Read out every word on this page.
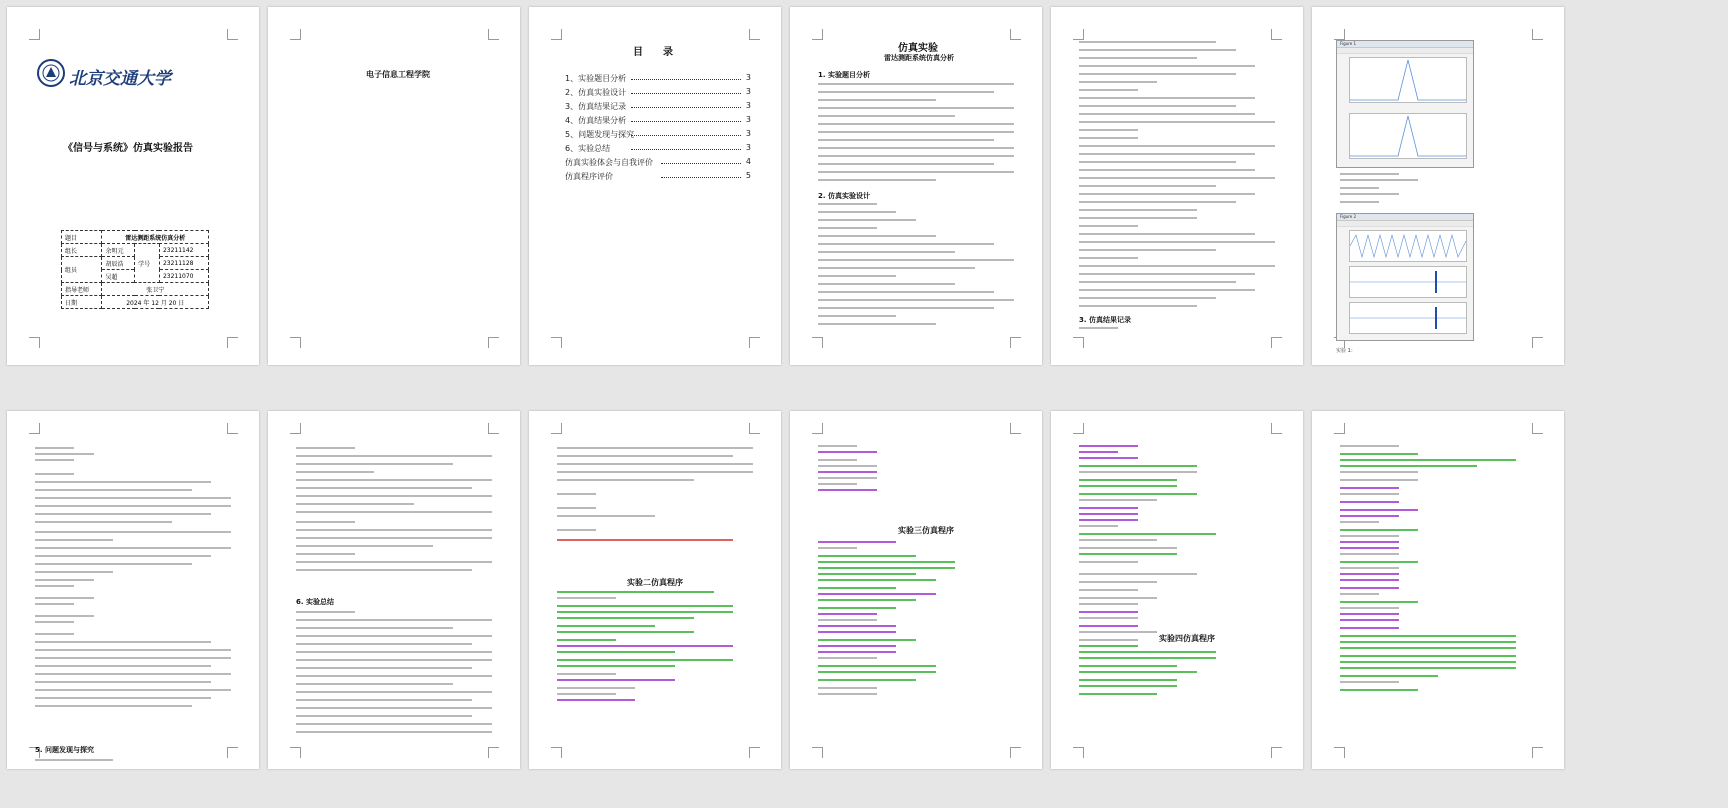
北京交通大学
《信号与系统》仿真实验报告
题目	雷达测距系统仿真分析		
组长	余明元	学号	23211142
组员	胡辰浩		23211128
	吴超		23211070
指导老师	张卫宁		
日期	2024 年 12 月 20 日		
电子信息工程学院
目　　录
1、实验题目分析	3
2、仿真实验设计	3
3、仿真结果记录	3
4、仿真结果分析	3
5、问题发现与探究	3
6、实验总结	3
仿真实验体会与自我评价	4
仿真程序评价	5
仿真实验
雷达测距系统仿真分析
1. 实验题目分析
2. 仿真实验设计
3. 仿真结果记录
Figure 1
Figure 2
实验 1：
5. 问题发现与探究
6. 实验总结
实验二仿真程序
实验三仿真程序
实验四仿真程序
